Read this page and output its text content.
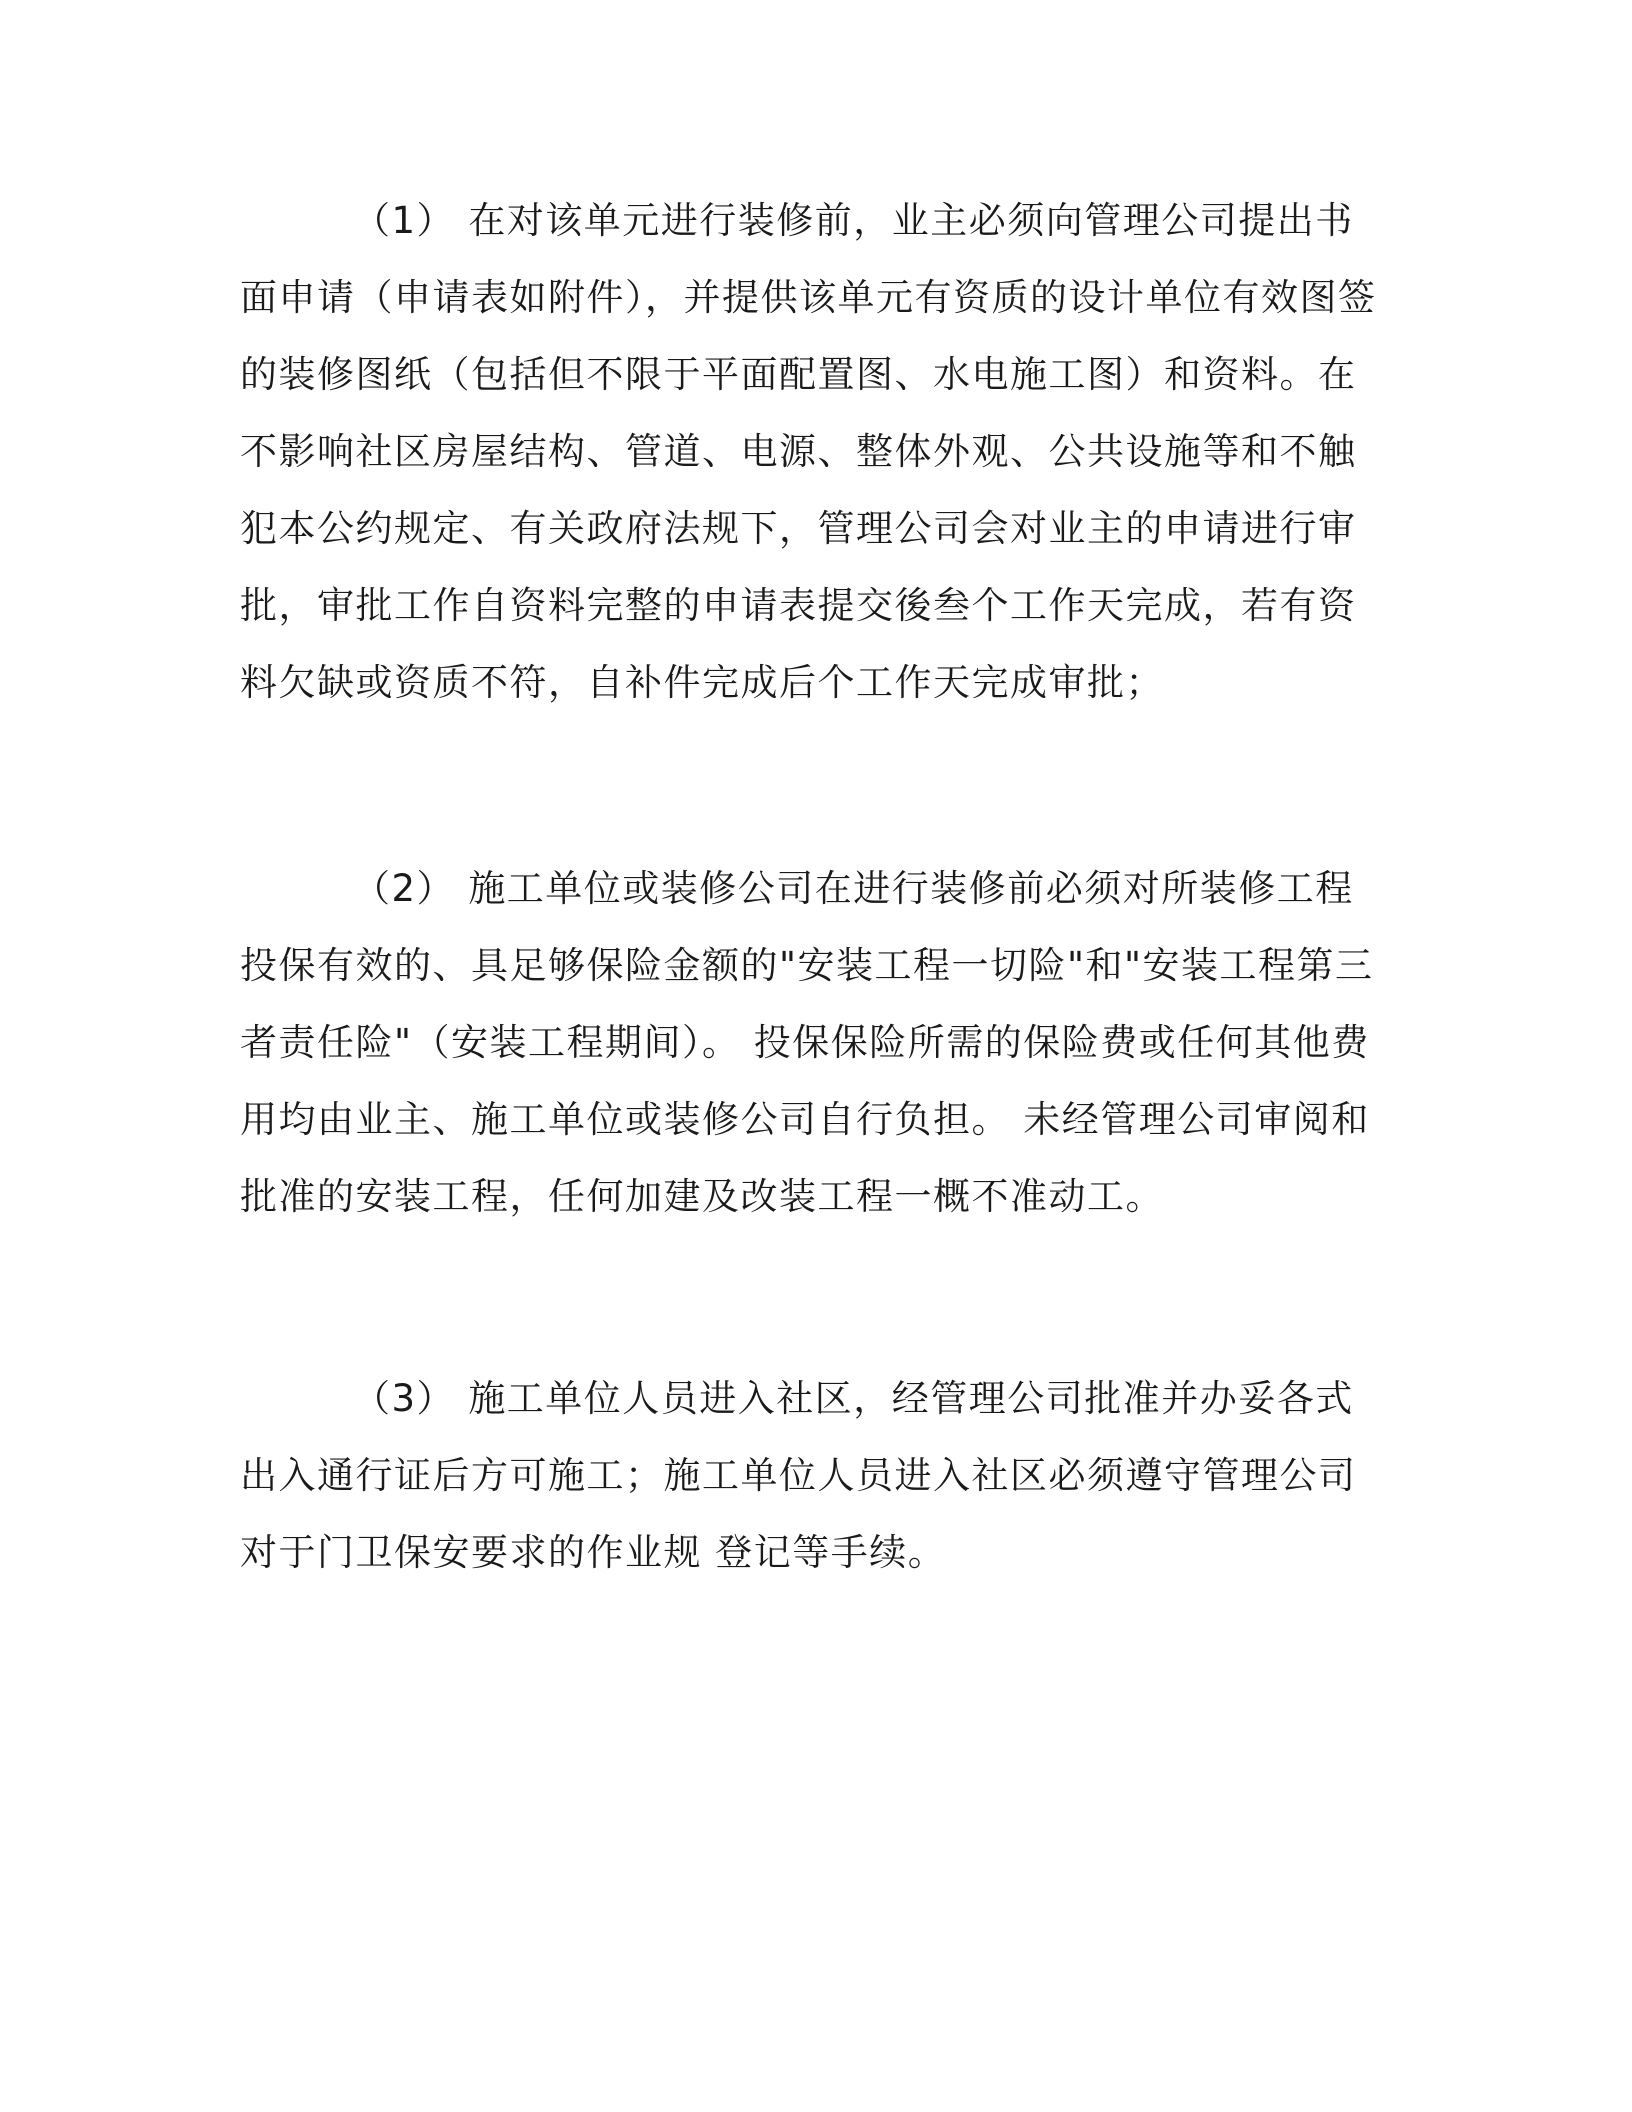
（1） 在对该单元进行装修前，业主必须向管理公司提出书面申请（申请表如附件），并提供该单元有资质的设计单位有效图签的装修图纸（包括但不限于平面配置图、水电施工图）和资料。在不影响社区房屋结构、管道、电源、整体外观、公共设施等和不触犯本公约规定、有关政府法规下，管理公司会对业主的申请进行审批，审批工作自资料完整的申请表提交後叁个工作天完成，若有资料欠缺或资质不符，自补件完成后个工作天完成审批；

（2） 施工单位或装修公司在进行装修前必须对所装修工程投保有效的、具足够保险金额的"安装工程一切险"和"安装工程第三者责任险"（安装工程期间）。 投保保险所需的保险费或任何其他费用均由业主、施工单位或装修公司自行负担。 未经管理公司审阅和批准的安装工程，任何加建及改装工程一概不准动工。

（3） 施工单位人员进入社区，经管理公司批准并办妥各式出入通行证后方可施工；施工单位人员进入社区必须遵守管理公司对于门卫保安要求的作业规 登记等手续。
